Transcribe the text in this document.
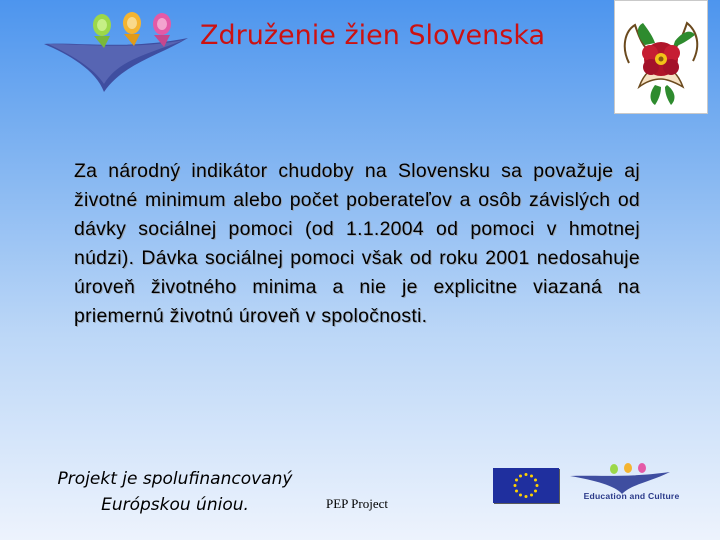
Združenie žien Slovenska
Za národný indikátor chudoby na Slovensku sa považuje aj životné minimum alebo počet poberateľov a osôb závislých od dávky sociálnej pomoci (od 1.1.2004 od pomoci v hmotnej núdzi). Dávka sociálnej pomoci však od roku 2001 nedosahuje úroveň životného minima a nie je explicitne viazaná na priemernú životnú úroveň v spoločnosti.
Projekt je spolufinancovaný
Európskou úniou.	PEP Project	Education and Culture
